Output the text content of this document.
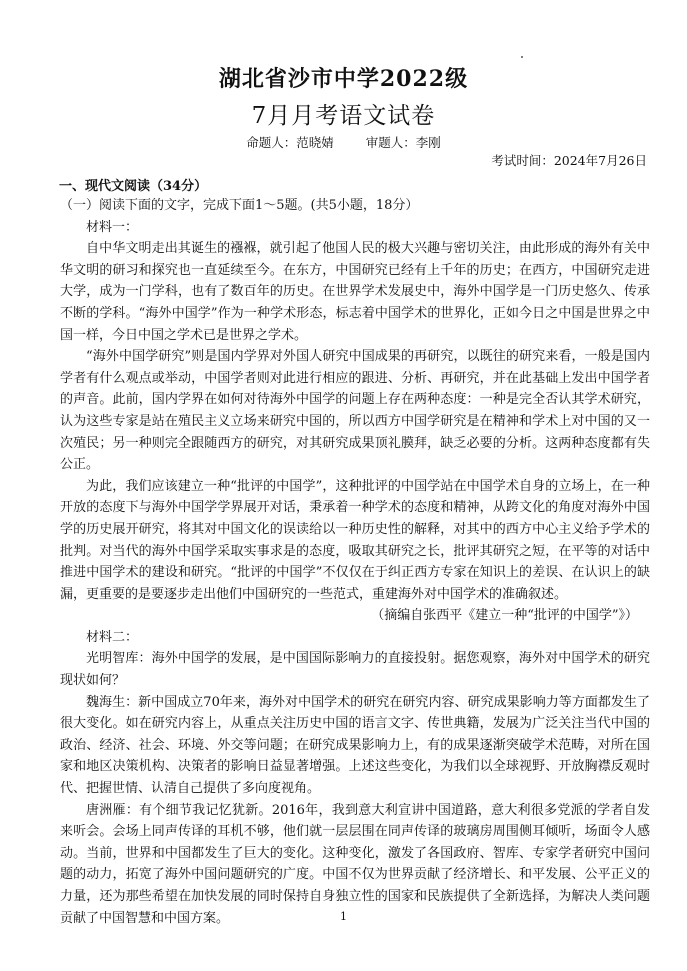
湖北省沙市中学2022级
7月月考语文试卷
命题人：范晓婧	审题人：李刚
考试时间：2024年7月26日
一、现代文阅读（34分）

（一）阅读下面的文字，完成下面1～5题。(共5小题，18分）

材料一：

自中华文明走出其诞生的襁褓，就引起了他国人民的极大兴趣与密切关注，由此形成的海外有关中华文明的研习和探究也一直延续至今。在东方，中国研究已经有上千年的历史；在西方，中国研究走进大学，成为一门学科，也有了数百年的历史。在世界学术发展史中，海外中国学是一门历史悠久、传承不断的学科。“海外中国学”作为一种学术形态，标志着中国学术的世界化，正如今日之中国是世界之中国一样，今日中国之学术已是世界之学术。

“海外中国学研究”则是国内学界对外国人研究中国成果的再研究，以既往的研究来看，一般是国内学者有什么观点或举动，中国学者则对此进行相应的跟进、分析、再研究，并在此基础上发出中国学者的声音。此前，国内学界在如何对待海外中国学的问题上存在两种态度：一种是完全否认其学术研究，认为这些专家是站在殖民主义立场来研究中国的，所以西方中国学研究是在精神和学术上对中国的又一次殖民；另一种则完全跟随西方的研究，对其研究成果顶礼膜拜，缺乏必要的分析。这两种态度都有失公正。

为此，我们应该建立一种“批评的中国学”，这种批评的中国学站在中国学术自身的立场上，在一种开放的态度下与海外中国学学界展开对话，秉承着一种学术的态度和精神，从跨文化的角度对海外中国学的历史展开研究，将其对中国文化的误读给以一种历史性的解释，对其中的西方中心主义给予学术的批判。对当代的海外中国学采取实事求是的态度，吸取其研究之长，批评其研究之短，在平等的对话中推进中国学术的建设和研究。“批评的中国学”不仅仅在于纠正西方专家在知识上的差误、在认识上的缺漏，更重要的是要逐步走出他们中国研究的一些范式，重建海外对中国学术的准确叙述。

（摘编自张西平《建立一种“批评的中国学”》）

材料二：

光明智库：海外中国学的发展，是中国国际影响力的直接投射。据您观察，海外对中国学术的研究现状如何？

魏海生：新中国成立70年来，海外对中国学术的研究在研究内容、研究成果影响力等方面都发生了很大变化。如在研究内容上，从重点关注历史中国的语言文字、传世典籍，发展为广泛关注当代中国的政治、经济、社会、环境、外交等问题；在研究成果影响力上，有的成果逐渐突破学术范畴，对所在国家和地区决策机构、决策者的影响日益显著增强。上述这些变化，为我们以全球视野、开放胸襟反观时代、把握世情、认清自己提供了多向度视角。

唐洲雁：有个细节我记忆犹新。2016年，我到意大利宣讲中国道路，意大利很多党派的学者自发来听会。会场上同声传译的耳机不够，他们就一层层围在同声传译的玻璃房周围侧耳倾听，场面令人感动。当前，世界和中国都发生了巨大的变化。这种变化，激发了各国政府、智库、专家学者研究中国问题的动力，拓宽了海外中国问题研究的广度。中国不仅为世界贡献了经济增长、和平发展、公平正义的力量，还为那些希望在加快发展的同时保持自身独立性的国家和民族提供了全新选择，为解决人类问题贡献了中国智慧和中国方案。	1
